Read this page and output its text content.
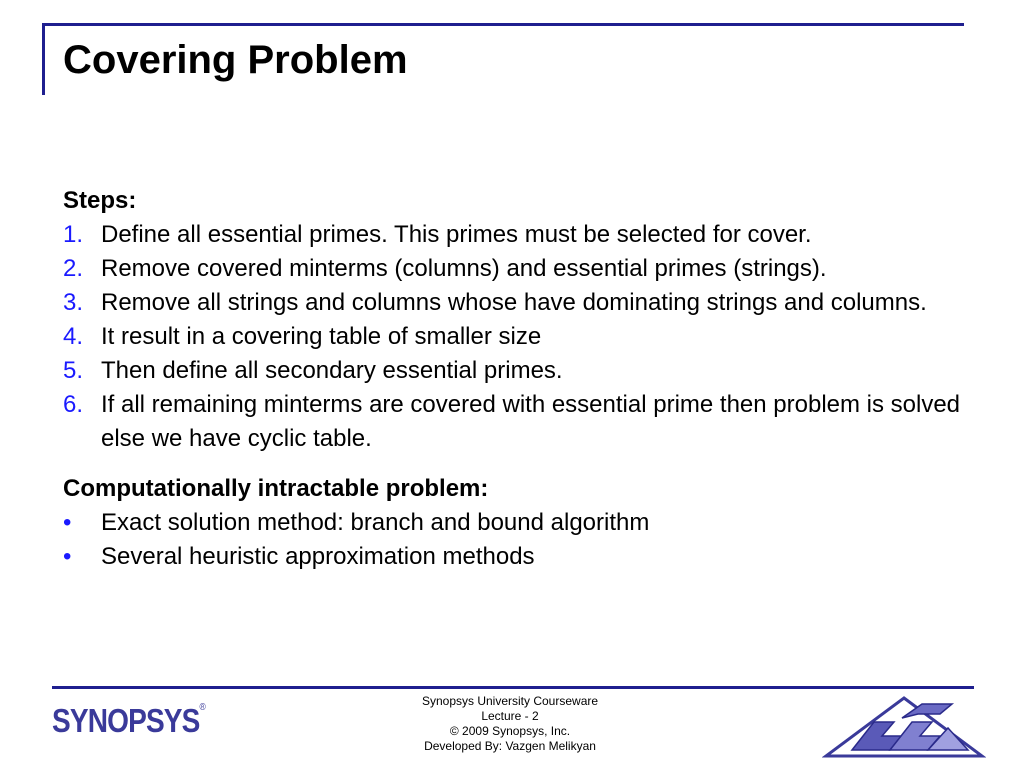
Covering Problem
Steps:
1. Define all essential primes. This primes must be selected for cover.
2. Remove covered minterms (columns) and essential primes (strings).
3. Remove all strings and columns whose have dominating strings and columns.
4. It result in a covering table of smaller size
5. Then define all secondary essential primes.
6. If all remaining minterms are covered with essential prime then problem is solved else we have cyclic table.
Computationally intractable problem:
•	Exact solution method: branch and bound algorithm
•	Several heuristic approximation methods
SYNOPSYS®	Synopsys University Courseware
Lecture - 2
© 2009 Synopsys, Inc.
Developed By: Vazgen Melikyan
